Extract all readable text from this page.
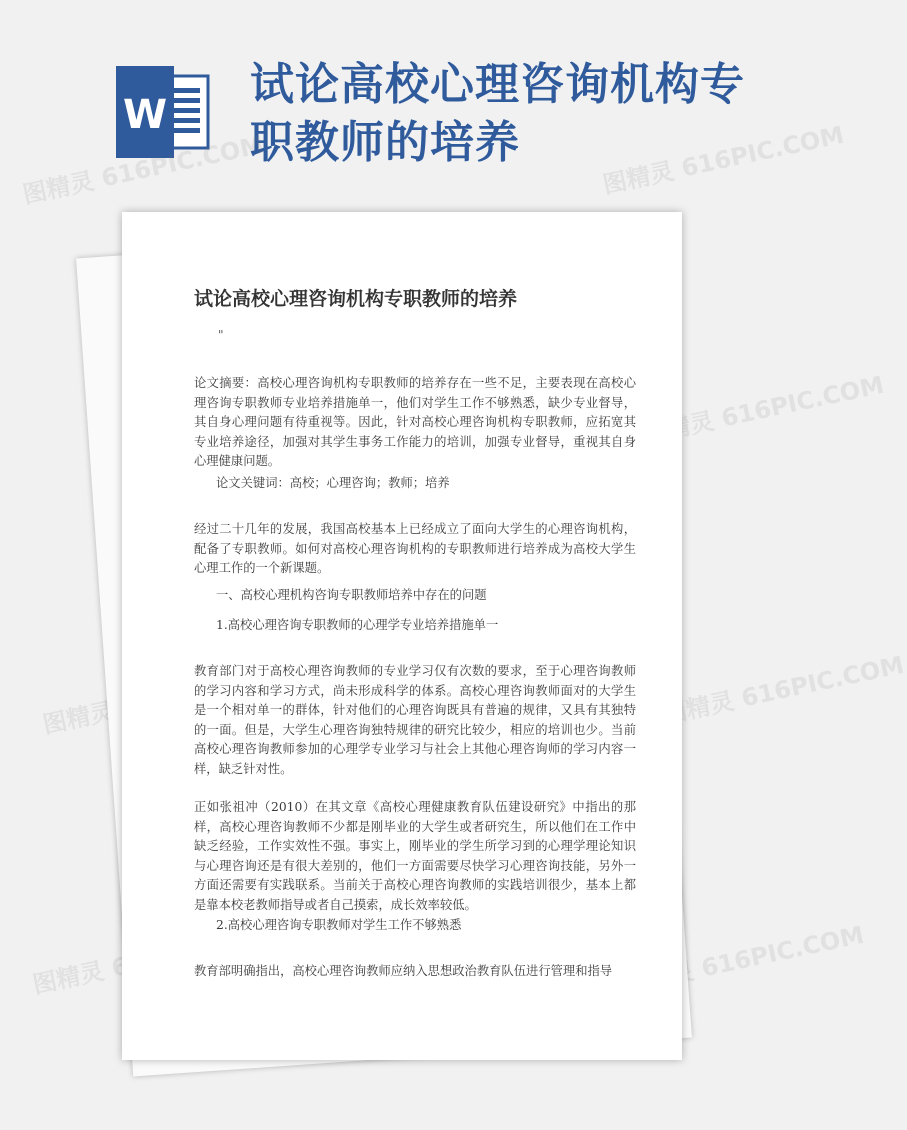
W
试论高校心理咨询机构专职教师的培养
图精灵 616PIC.COM	图精灵 616PIC.COM
图精灵 616PIC.COM
图精灵	图精灵 616PIC.COM
图精灵	图精灵 616PIC.COM
试论高校心理咨询机构专职教师的培养
"

论文摘要：高校心理咨询机构专职教师的培养存在一些不足，主要表现在高校心理咨询专职教师专业培养措施单一，他们对学生工作不够熟悉，缺少专业督导，其自身心理问题有待重视等。因此，针对高校心理咨询机构专职教师，应拓宽其专业培养途径，加强对其学生事务工作能力的培训，加强专业督导，重视其自身心理健康问题。

论文关键词：高校；心理咨询；教师；培养

经过二十几年的发展，我国高校基本上已经成立了面向大学生的心理咨询机构，配备了专职教师。如何对高校心理咨询机构的专职教师进行培养成为高校大学生心理工作的一个新课题。

一、高校心理机构咨询专职教师培养中存在的问题

1.高校心理咨询专职教师的心理学专业培养措施单一

教育部门对于高校心理咨询教师的专业学习仅有次数的要求，至于心理咨询教师的学习内容和学习方式，尚未形成科学的体系。高校心理咨询教师面对的大学生是一个相对单一的群体，针对他们的心理咨询既具有普遍的规律，又具有其独特的一面。但是，大学生心理咨询独特规律的研究比较少，相应的培训也少。当前高校心理咨询教师参加的心理学专业学习与社会上其他心理咨询师的学习内容一样，缺乏针对性。

正如张祖冲（2010）在其文章《高校心理健康教育队伍建设研究》中指出的那样，高校心理咨询教师不少都是刚毕业的大学生或者研究生，所以他们在工作中缺乏经验，工作实效性不强。事实上，刚毕业的学生所学习到的心理学理论知识与心理咨询还是有很大差别的，他们一方面需要尽快学习心理咨询技能，另外一方面还需要有实践联系。当前关于高校心理咨询教师的实践培训很少，基本上都是靠本校老教师指导或者自己摸索，成长效率较低。

2.高校心理咨询专职教师对学生工作不够熟悉

教育部明确指出，高校心理咨询教师应纳入思想政治教育队伍进行管理和指导
